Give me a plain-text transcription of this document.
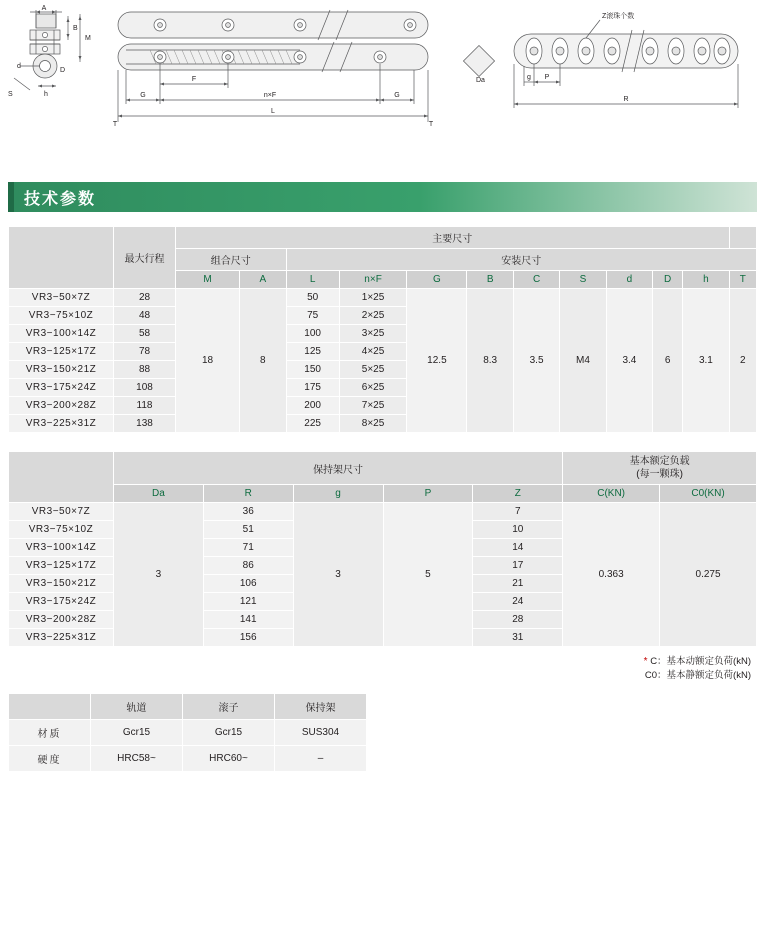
A
B
M
d
D
S	h
F
G	n×F	G
L
T	T
Da
Z滚珠个数
g P
R
技术参数
	最大行程	主要尺寸											
		组合尺寸		安装尺寸									
		M	A	L	n×F	G	B	C	S	d	D	h	T
VR3−50×7Z	28	18	8	50	1×25	12.5	8.3	3.5	M4	3.4	6	3.1	2
VR3−75×10Z	48			75	2×25								
VR3−100×14Z	58			100	3×25								
VR3−125×17Z	78			125	4×25								
VR3−150×21Z	88			150	5×25								
VR3−175×24Z	108			175	6×25								
VR3−200×28Z	118			200	7×25								
VR3−225×31Z	138			225	8×25								
	保持架尺寸					基本额定负载
(每一颗珠)	
	Da	R	g	P	Z	C(KN)	C0(KN)
VR3−50×7Z	3	36	3	5	7	0.363	0.275
VR3−75×10Z		51			10		
VR3−100×14Z		71			14		
VR3−125×17Z		86			17		
VR3−150×21Z		106			21		
VR3−175×24Z		121			24		
VR3−200×28Z		141			28		
VR3−225×31Z		156			31		
* C：基本动额定负荷(kN)
C0：基本静额定负荷(kN)
	轨道	滚子	保持架
材质	Gcr15	Gcr15	SUS304
硬度	HRC58~	HRC60~	–
